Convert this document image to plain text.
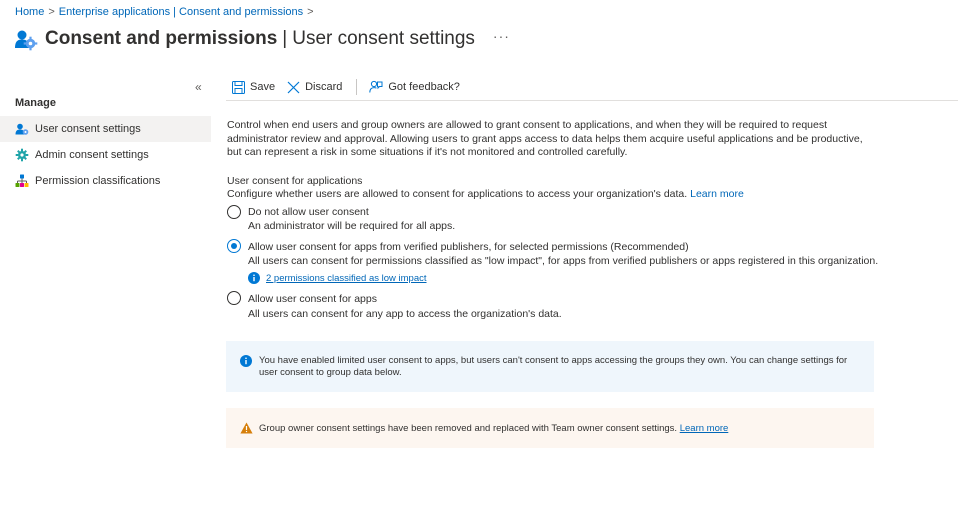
Home > Enterprise applications | Consent and permissions >
Consent and permissions | User consent settings ···
«
Manage
User consent settings
Admin consent settings
Permission classifications
Save	Discard	Got feedback?
Control when end users and group owners are allowed to grant consent to applications, and when they will be required to request administrator review and approval. Allowing users to grant apps access to data helps them acquire useful applications and be productive, but can represent a risk in some situations if it's not monitored and controlled carefully.
User consent for applications
Configure whether users are allowed to consent for applications to access your organization's data. Learn more
Do not allow user consent
An administrator will be required for all apps.
Allow user consent for apps from verified publishers, for selected permissions (Recommended)
All users can consent for permissions classified as "low impact", for apps from verified publishers or apps registered in this organization.
2 permissions classified as low impact
Allow user consent for apps
All users can consent for any app to access the organization's data.
You have enabled limited user consent to apps, but users can't consent to apps accessing the groups they own. You can change settings for user consent to group data below.
Group owner consent settings have been removed and replaced with Team owner consent settings. Learn more
